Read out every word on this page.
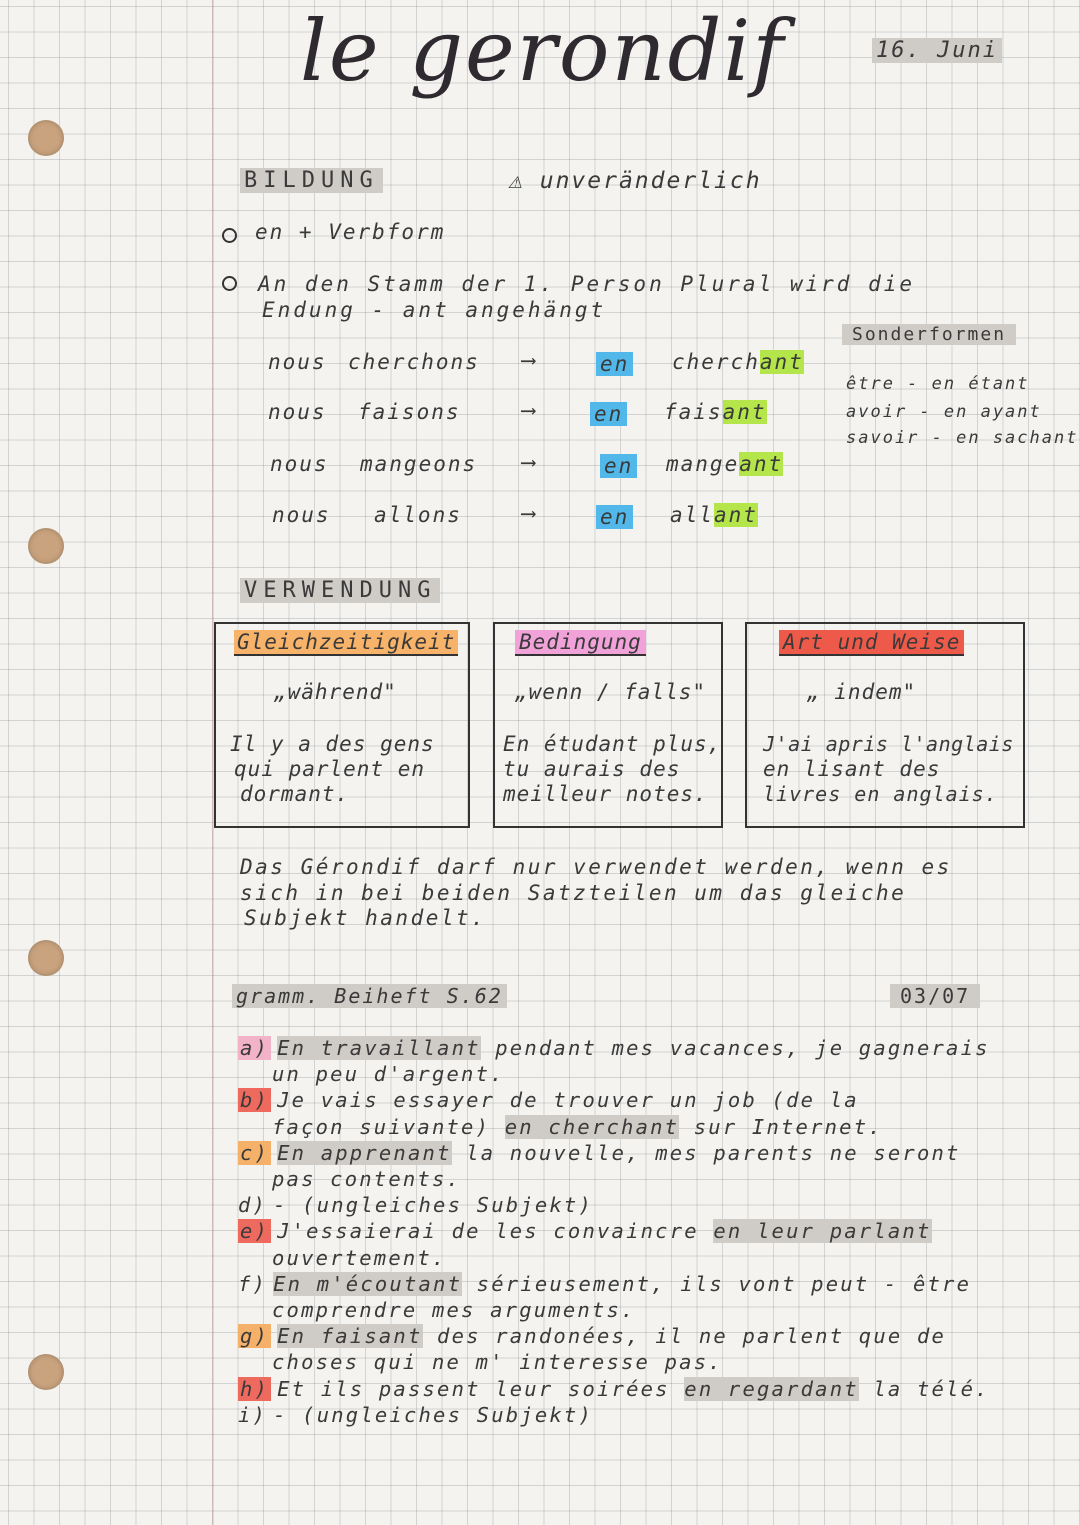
le gerondif	16. Juni
BILDUNG	⚠ unveränderlich
en + Verbform
An den Stamm der 1. Person Plural wird die
Endung - ant angehängt
nous cherchons ⟶	en cherchant
nous faisons	⟶	en faisant
nous mangeons ⟶	en mangeant
nous allons	⟶	en allant
Sonderformen
être - en étant
avoir - en ayant
savoir - en sachant
VERWENDUNG
Gleichzeitigkeit
„während"
Il y a des gens
qui parlent en
dormant.
Bedingung
„wenn / falls"
En étudant plus,
tu aurais des
meilleur notes.
Art und Weise
„ indem"
J'ai apris l'anglais
en lisant des
livres en anglais.
Das Gérondif darf nur verwendet werden, wenn es
sich in bei beiden Satzteilen um das gleiche
Subjekt handelt.
gramm. Beiheft S.62	03/07
a) En travaillant pendant mes vacances, je gagnerais
un peu d'argent.
b) Je vais essayer de trouver un job (de la
façon suivante) en cherchant sur Internet.
c) En apprenant la nouvelle, mes parents ne seront
pas contents.
d) - (ungleiches Subjekt)
e) J'essaierai de les convaincre en leur parlant
ouvertement.
f) En m'écoutant sérieusement, ils vont peut - être
comprendre mes arguments.
g) En faisant des randonées, il ne parlent que de
choses qui ne m' interesse pas.
h) Et ils passent leur soirées en regardant la télé.
i) - (ungleiches Subjekt)
